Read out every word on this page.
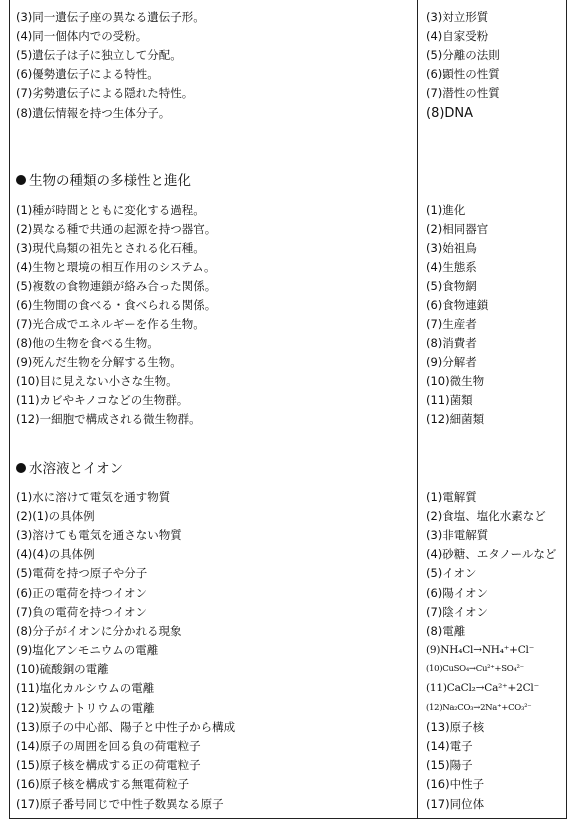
(3)同一遺伝子座の異なる遺伝子形。	(3)対立形質
(4)同一個体内での受粉。	(4)自家受粉
(5)遺伝子は子に独立して分配。	(5)分離の法則
(6)優勢遺伝子による特性。	(6)顕性の性質
(7)劣勢遺伝子による隠れた特性。	(7)潜性の性質
(8)遺伝情報を持つ生体分子。	(8)DNA
生物の種類の多様性と進化
(1)種が時間とともに変化する過程。	(1)進化
(2)異なる種で共通の起源を持つ器官。	(2)相同器官
(3)現代鳥類の祖先とされる化石種。	(3)始祖鳥
(4)生物と環境の相互作用のシステム。	(4)生態系
(5)複数の食物連鎖が絡み合った関係。	(5)食物網
(6)生物間の食べる・食べられる関係。	(6)食物連鎖
(7)光合成でエネルギーを作る生物。	(7)生産者
(8)他の生物を食べる生物。	(8)消費者
(9)死んだ生物を分解する生物。	(9)分解者
(10)目に見えない小さな生物。	(10)微生物
(11)カビやキノコなどの生物群。	(11)菌類
(12)一細胞で構成される微生物群。	(12)細菌類
水溶液とイオン
(1)水に溶けて電気を通す物質	(1)電解質
(2)(1)の具体例	(2)食塩、塩化水素など
(3)溶けても電気を通さない物質	(3)非電解質
(4)(4)の具体例	(4)砂糖、エタノールなど
(5)電荷を持つ原子や分子	(5)イオン
(6)正の電荷を持つイオン	(6)陽イオン
(7)負の電荷を持つイオン	(7)陰イオン
(8)分子がイオンに分かれる現象	(8)電離
(9)塩化アンモニウムの電離	(9)NH₄Cl→NH₄⁺+Cl⁻
(10)硫酸銅の電離	(10)CuSO₄→Cu²⁺+SO₄²⁻
(11)塩化カルシウムの電離	(11)CaCl₂→Ca²⁺+2Cl⁻
(12)炭酸ナトリウムの電離	(12)Na₂CO₃→2Na⁺+CO₃²⁻
(13)原子の中心部、陽子と中性子から構成	(13)原子核
(14)原子の周囲を回る負の荷電粒子	(14)電子
(15)原子核を構成する正の荷電粒子	(15)陽子
(16)原子核を構成する無電荷粒子	(16)中性子
(17)原子番号同じで中性子数異なる原子	(17)同位体
